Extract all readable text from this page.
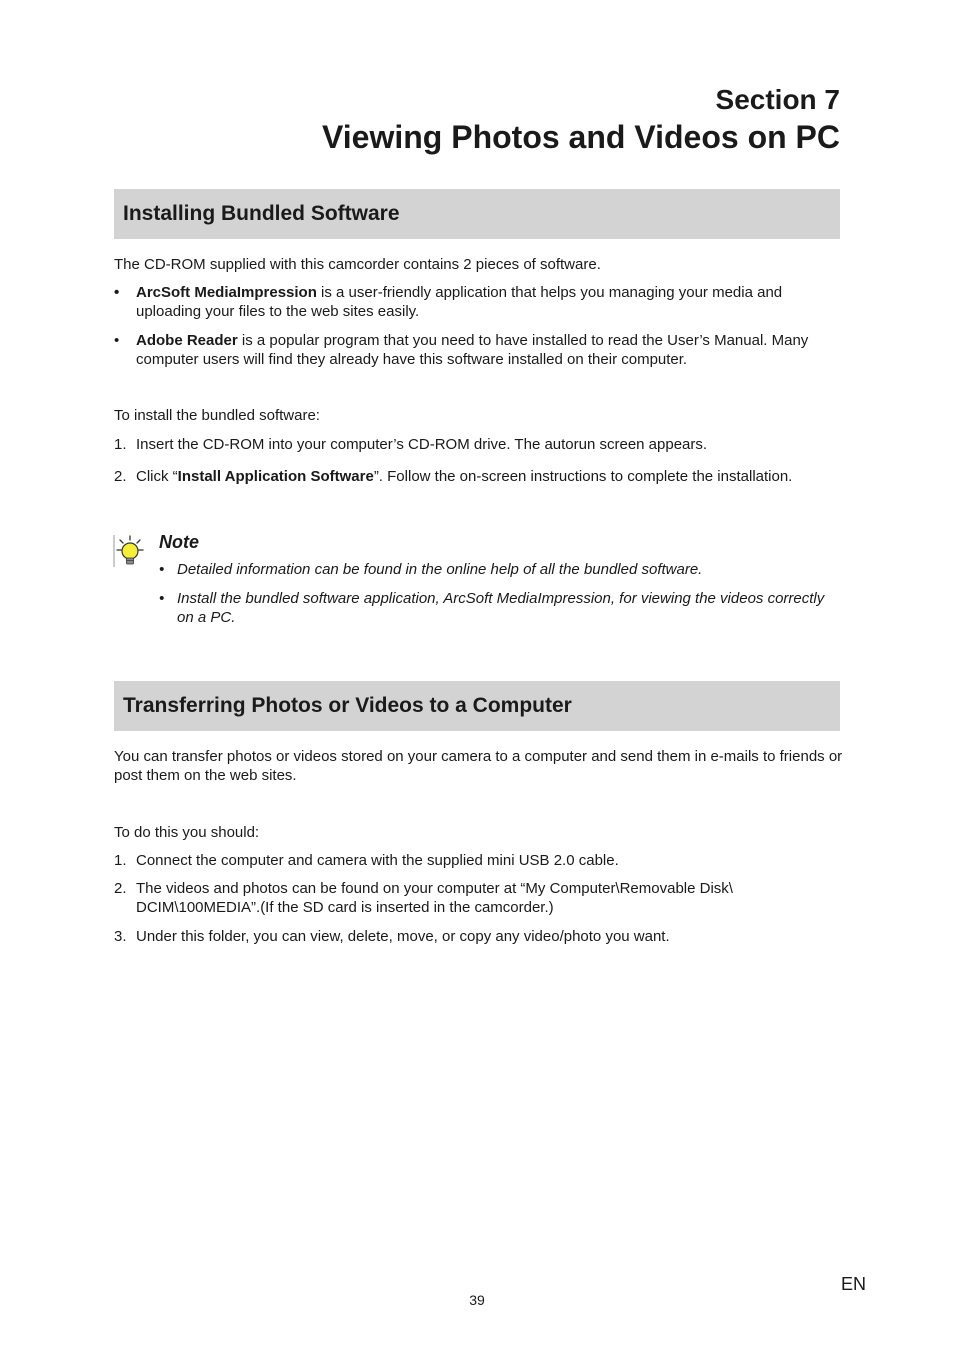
Section 7
Viewing Photos and Videos on PC
Installing Bundled Software

The CD-ROM supplied with this camcorder contains 2 pieces of software.

•	ArcSoft MediaImpression is a user-friendly application that helps you managing your media and uploading your files to the web sites easily.
•	Adobe Reader is a popular program that you need to have installed to read the User’s Manual. Many computer users will find they already have this software installed on their computer.

To install the bundled software:

1. Insert the CD-ROM into your computer’s CD-ROM drive. The autorun screen appears.
2. Click “Install Application Software”. Follow the on-screen instructions to complete the installation.

Note

• Detailed information can be found in the online help of all the bundled software.
• Install the bundled software application, ArcSoft MediaImpression, for viewing the videos correctly on a PC.
Transferring Photos or Videos to a Computer

You can transfer photos or videos stored on your camera to a computer and send them in e-mails to friends or post them on the web sites.

To do this you should:

1. Connect the computer and camera with the supplied mini USB 2.0 cable.
2. The videos and photos can be found on your computer at “My Computer\Removable Disk\ DCIM\100MEDIA”.(If the SD card is inserted in the camcorder.)
3. Under this folder, you can view, delete, move, or copy any video/photo you want.

EN

39
